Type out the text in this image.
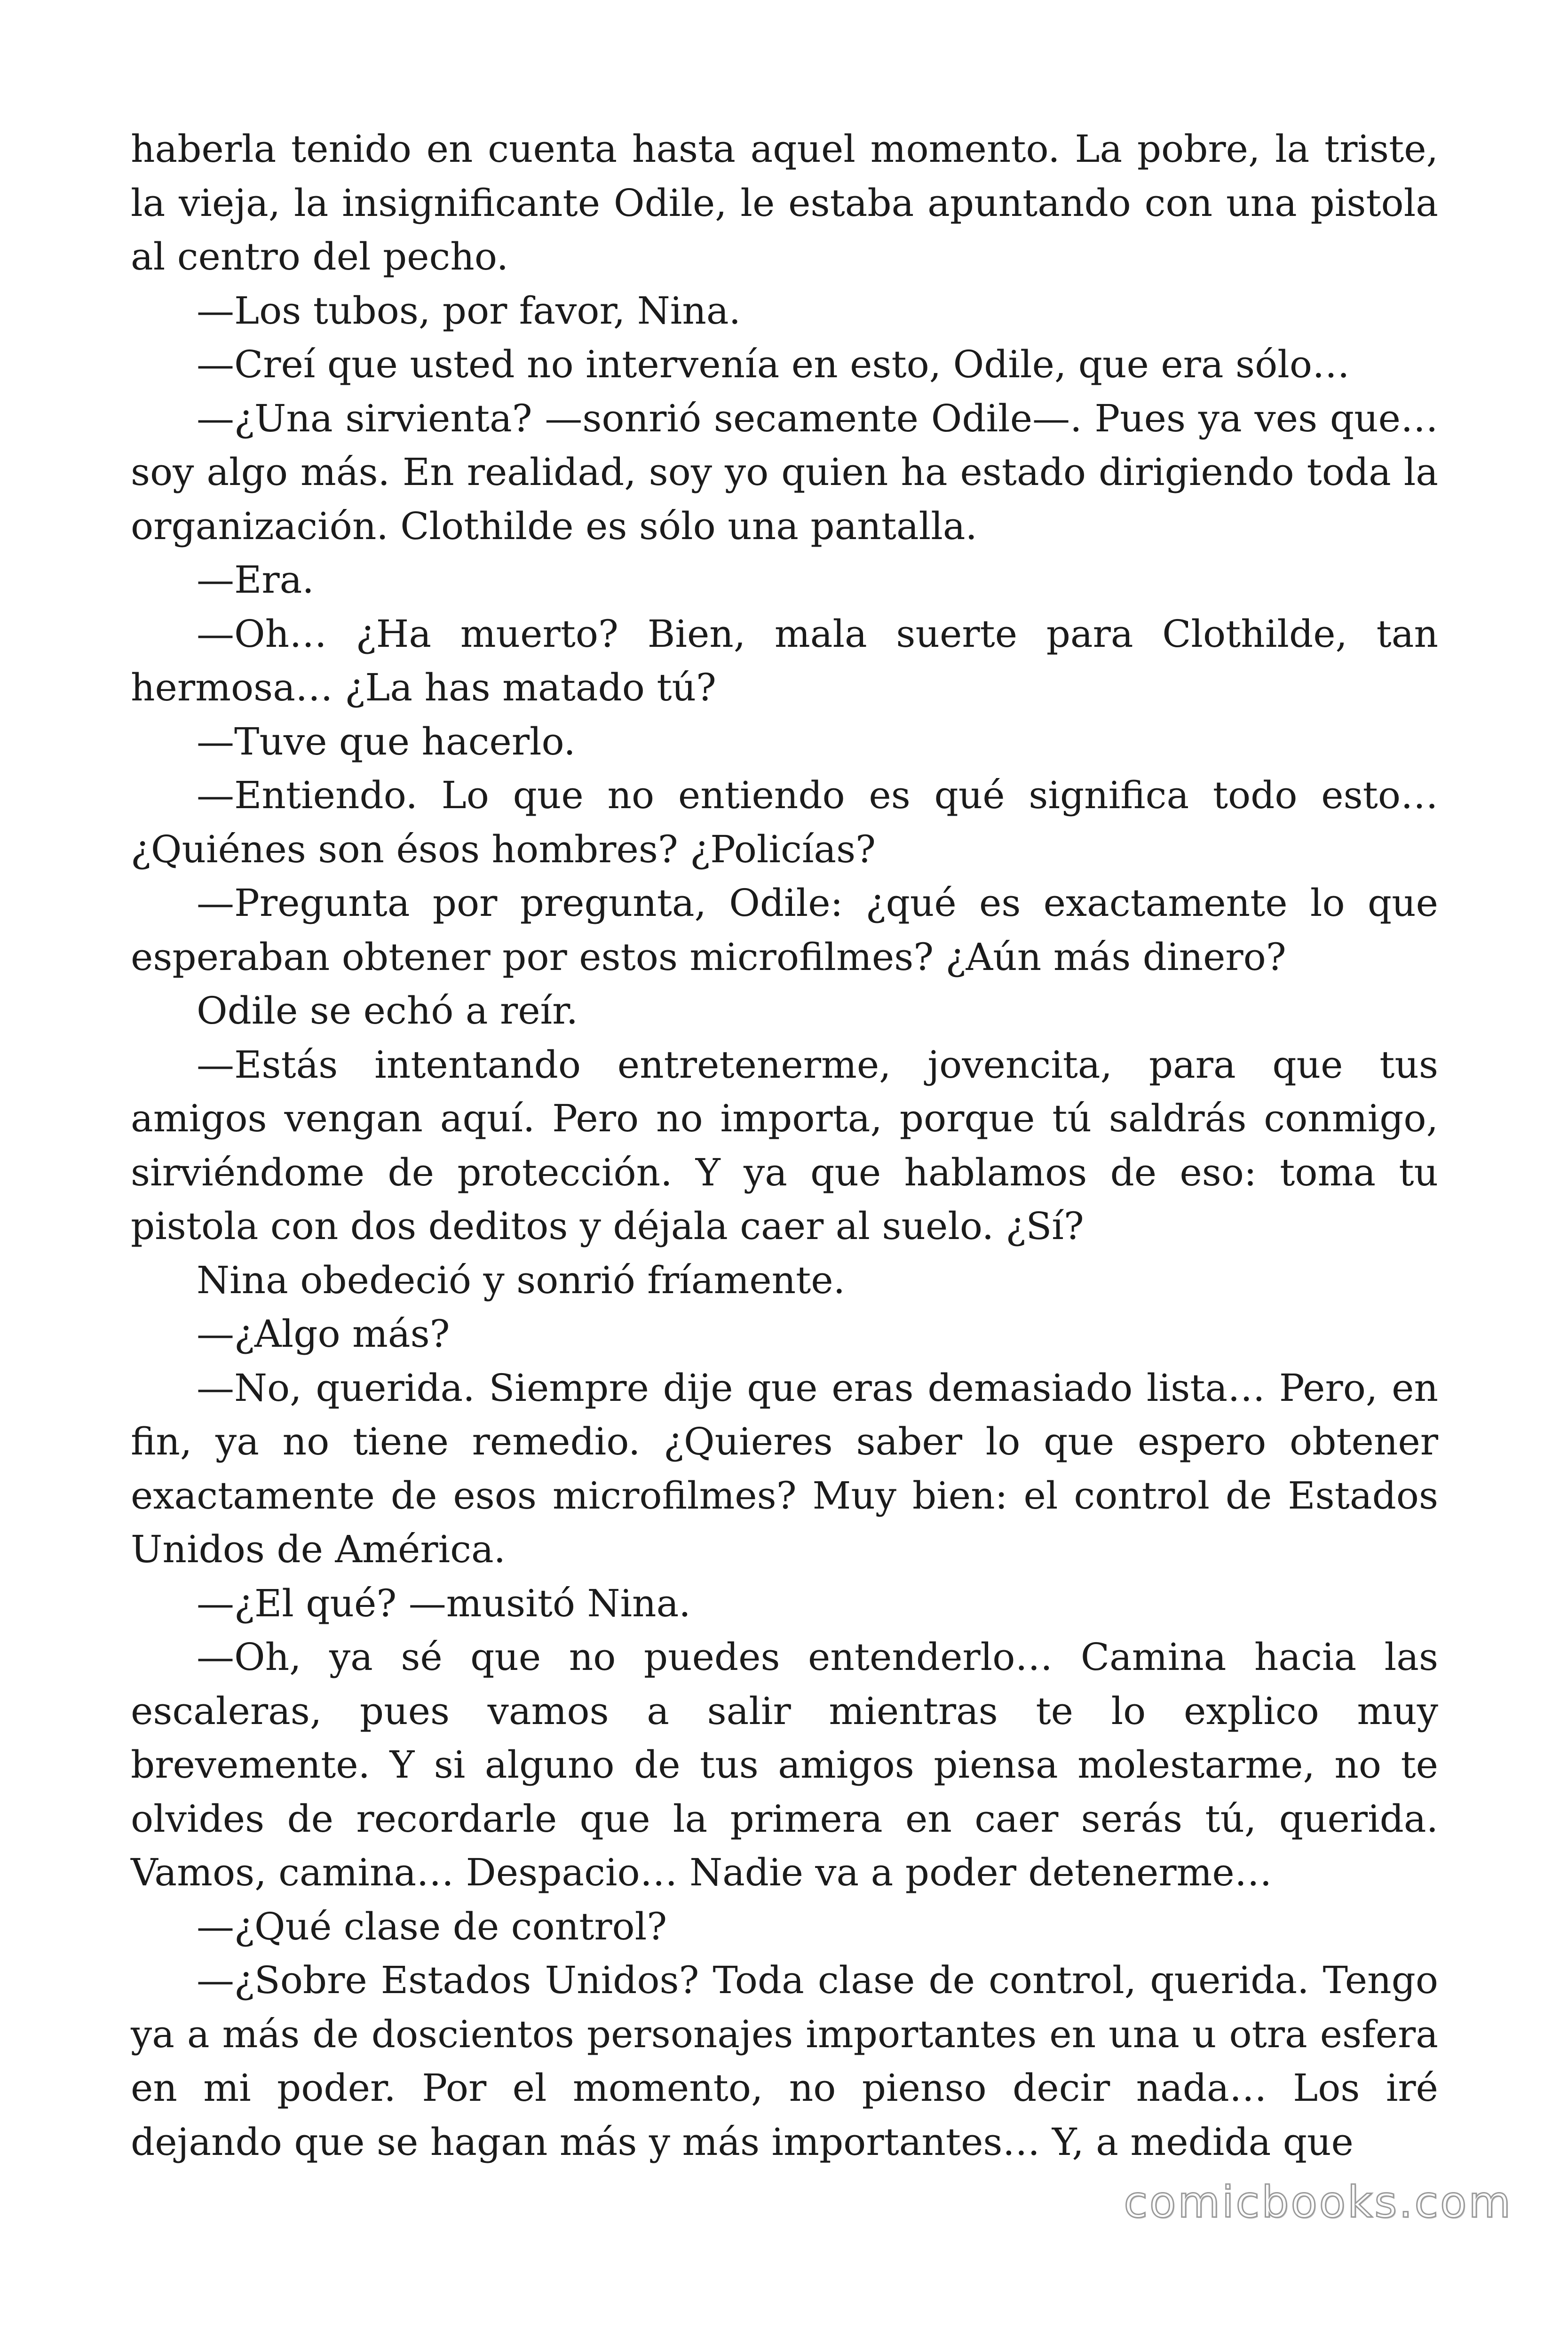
haberla tenido en cuenta hasta aquel momento. La pobre, la triste, la vieja, la insignificante Odile, le estaba apuntando con una pistola al centro del pecho.

—Los tubos, por favor, Nina.

—Creí que usted no intervenía en esto, Odile, que era sólo…

—¿Una sirvienta? —sonrió secamente Odile—. Pues ya ves que… soy algo más. En realidad, soy yo quien ha estado dirigiendo toda la organización. Clothilde es sólo una pantalla.

—Era.

—Oh… ¿Ha muerto? Bien, mala suerte para Clothilde, tan hermosa… ¿La has matado tú?

—Tuve que hacerlo.

—Entiendo. Lo que no entiendo es qué significa todo esto… ¿Quiénes son ésos hombres? ¿Policías?

—Pregunta por pregunta, Odile: ¿qué es exactamente lo que esperaban obtener por estos microfilmes? ¿Aún más dinero?

Odile se echó a reír.

—Estás intentando entretenerme, jovencita, para que tus amigos vengan aquí. Pero no importa, porque tú saldrás conmigo, sirviéndome de protección. Y ya que hablamos de eso: toma tu pistola con dos deditos y déjala caer al suelo. ¿Sí?

Nina obedeció y sonrió fríamente.

—¿Algo más?

—No, querida. Siempre dije que eras demasiado lista… Pero, en fin, ya no tiene remedio. ¿Quieres saber lo que espero obtener exactamente de esos microfilmes? Muy bien: el control de Estados Unidos de América.

—¿El qué? —musitó Nina.

—Oh, ya sé que no puedes entenderlo… Camina hacia las escaleras, pues vamos a salir mientras te lo explico muy brevemente. Y si alguno de tus amigos piensa molestarme, no te olvides de recordarle que la primera en caer serás tú, querida. Vamos, camina… Despacio… Nadie va a poder detenerme…

—¿Qué clase de control?

—¿Sobre Estados Unidos? Toda clase de control, querida. Tengo ya a más de doscientos personajes importantes en una u otra esfera en mi poder. Por el momento, no pienso decir nada… Los iré dejando que se hagan más y más importantes… Y, a medida que

comicbooks.com
